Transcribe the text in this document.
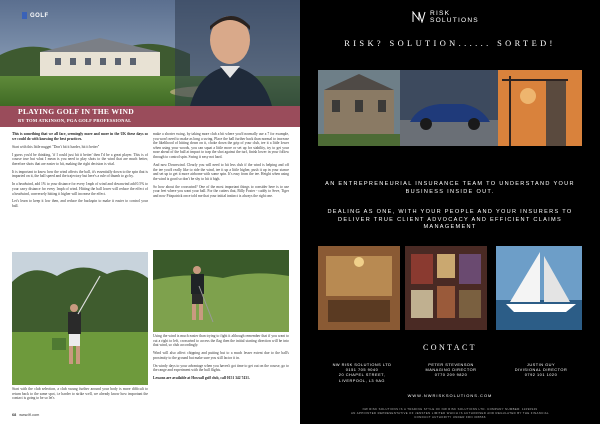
GOLF
PLAYING GOLF IN THE WIND
BY TOM ATKINSON, PGA GOLF PROFESSIONAL

This is something that we all face, seemingly more and more in the UK these days so we could do with knowing the best practices.

Start with this little nugget "Don't hit it harder, hit it better"

I guess you'd be thinking, 'if I could just hit it better' then I'd be a great player. This is of course true but what I mean is you need to play shots to the wind that are much better, therefore shots that are easier to hit, making the right decision is vital.

It is important to know how the wind affects the ball, it's essentially down to the spin that is imparted on it, the ball speed and the trajectory but here's a rule of thumb to go by.

In a headwind, add 1% to your distance for every 1mph of wind and downwind add 0.5% to your carry distance for every 1mph of wind. Hitting the ball lower will reduce the effect of a headwind, conversely hitting it higher will increase the effect.

Let's learn to keep it low then, and reduce the backspin to make it easier to control your ball.

make a shorter swing, by taking more club a bit where you'd normally use a 7 for example, you won't need to make as long a swing. Place the ball further back than normal to increase the likelihood of hitting down on it, choke down the grip of your club, tee it a little lower when using your woods, you can squat a little more or set up for stability, try to get your nose ahead of the ball at impact to trap the shot against the turf, finish lower in your follow through to control spin. Swing it easy not hard.

And now Downwind. Clearly you will need to hit less club if the wind is helping and off the tee you'd really like to ride the wind, tee it up a little higher, push it up in your stance and set up to get it more airborne with some spin. It's easy from the tee. Height when using the wind is good so don't be shy to hit it high.

So how about the crosswind? One of the most important things to consider here is to use your feet where you want your ball. For the cutters that, Billy Foster - caddy to Seve, Tiger and now Fitzpatrick once told me that your initial instinct is always the right one.

Using the wind is much easier than trying to fight it although remember that if you want to cut a right to left, crosswind to access the flag then the initial starting direction will be into that wind, so club accordingly.

Wind will also affect chipping and putting but to a much lesser extent due to the ball's proximity to the ground but make sure you still factor it in.

On windy days to your advantage when you haven't got time to get out on the course, go to the range and experiment with the ball flights.

Lessons are available at Howsall golf club, call 0151 342 7431.

Start with the club selection, a club swung further around your body is more difficult to return back to the same spot, i.e harder to strike well, we already know how important the contact is going to be so let's

68 www.lfl.com
RISK
SOLUTIONS
RISK? SOLUTION...... SORTED!
AN ENTREPRENEURIAL INSURANCE TEAM TO UNDERSTAND YOUR BUSINESS INSIDE OUT.
DEALING AS ONE, WITH YOUR PEOPLE AND YOUR INSURERS TO DELIVER TRUE CLIENT ADVOCACY AND EFFICIENT CLAIMS MANAGEMENT
CONTACT
NW RISK SOLUTIONS LTD
0151 705 9040
20 CHAPEL STREET,
LIVERPOOL, L3 9AG
PETER STEVENSON
MANAGING DIRECTOR
0770 209 9820
JUSTIN GUY
DIVISIONAL DIRECTOR
0792 101 1020
WWW.NWRISKSOLUTIONS.COM
NW RISK SOLUTIONS IS A TRADING STYLE OF NW RISK SOLUTIONS LTD. COMPANY NUMBER: 11090949
AN APPOINTED REPRESENTATIVE OF JENSTEN LIMITED WHICH IS AUTHORISED AND REGULATED BY THE FINANCIAL
CONDUCT AUTHORITY UNDER FRN 308566
